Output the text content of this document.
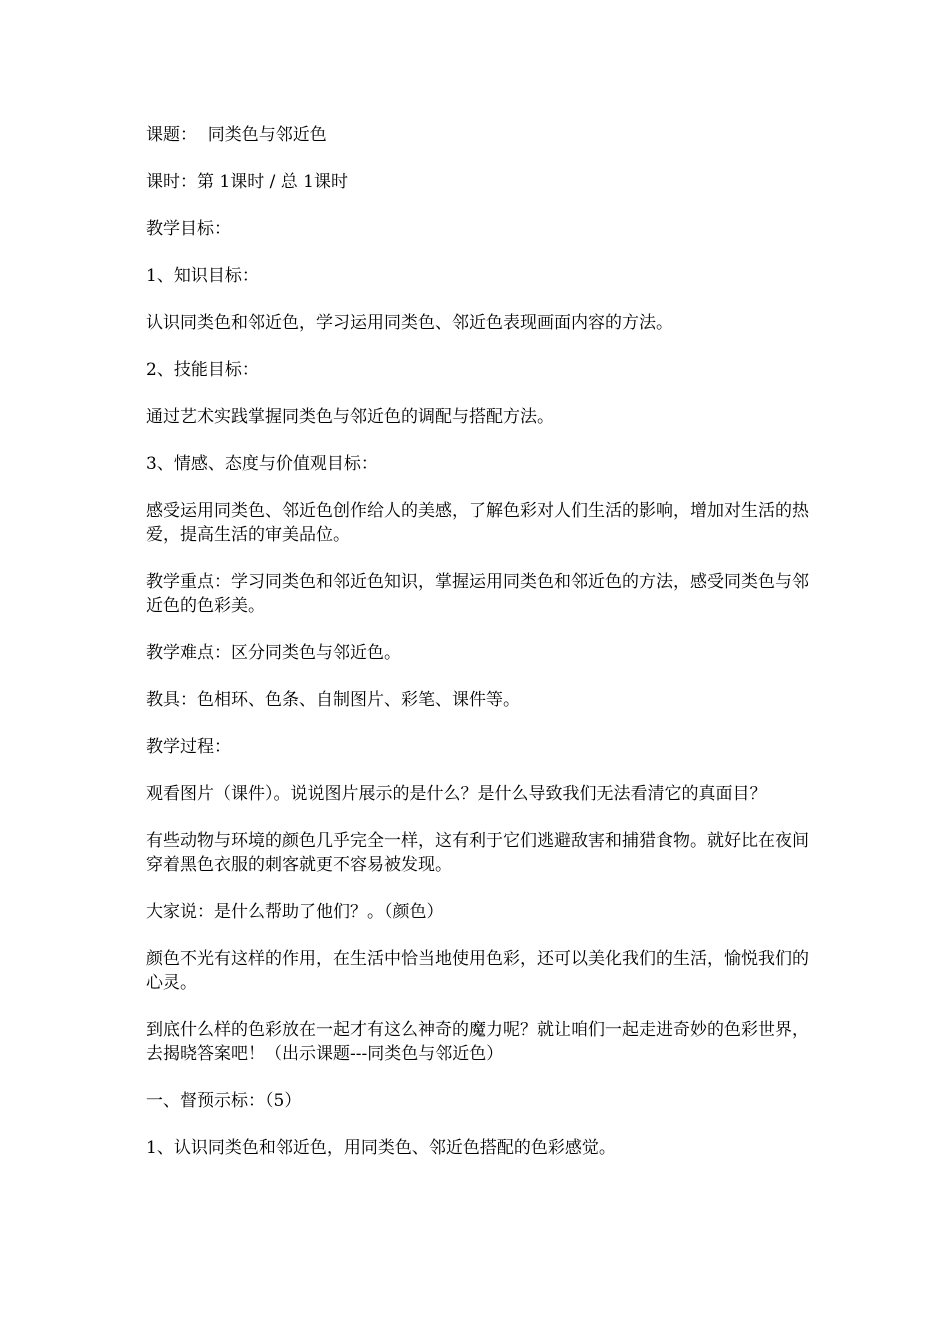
课题：  同类色与邻近色

课时：第 1课时 / 总 1课时

教学目标：

1、知识目标：

认识同类色和邻近色，学习运用同类色、邻近色表现画面内容的方法。

2、技能目标：

通过艺术实践掌握同类色与邻近色的调配与搭配方法。

3、情感、态度与价值观目标：

感受运用同类色、邻近色创作给人的美感，了解色彩对人们生活的影响，增加对生活的热爱，提高生活的审美品位。

教学重点：学习同类色和邻近色知识，掌握运用同类色和邻近色的方法，感受同类色与邻近色的色彩美。

教学难点：区分同类色与邻近色。

教具：色相环、色条、自制图片、彩笔、课件等。

教学过程：

观看图片（课件）。说说图片展示的是什么？是什么导致我们无法看清它的真面目？

有些动物与环境的颜色几乎完全一样，这有利于它们逃避敌害和捕猎食物。就好比在夜间穿着黑色衣服的刺客就更不容易被发现。

大家说：是什么帮助了他们？。（颜色）

颜色不光有这样的作用，在生活中恰当地使用色彩，还可以美化我们的生活，愉悦我们的心灵。

到底什么样的色彩放在一起才有这么神奇的魔力呢？就让咱们一起走进奇妙的色彩世界，去揭晓答案吧！（出示课题---同类色与邻近色）

一、督预示标：（5）

1、认识同类色和邻近色，用同类色、邻近色搭配的色彩感觉。
